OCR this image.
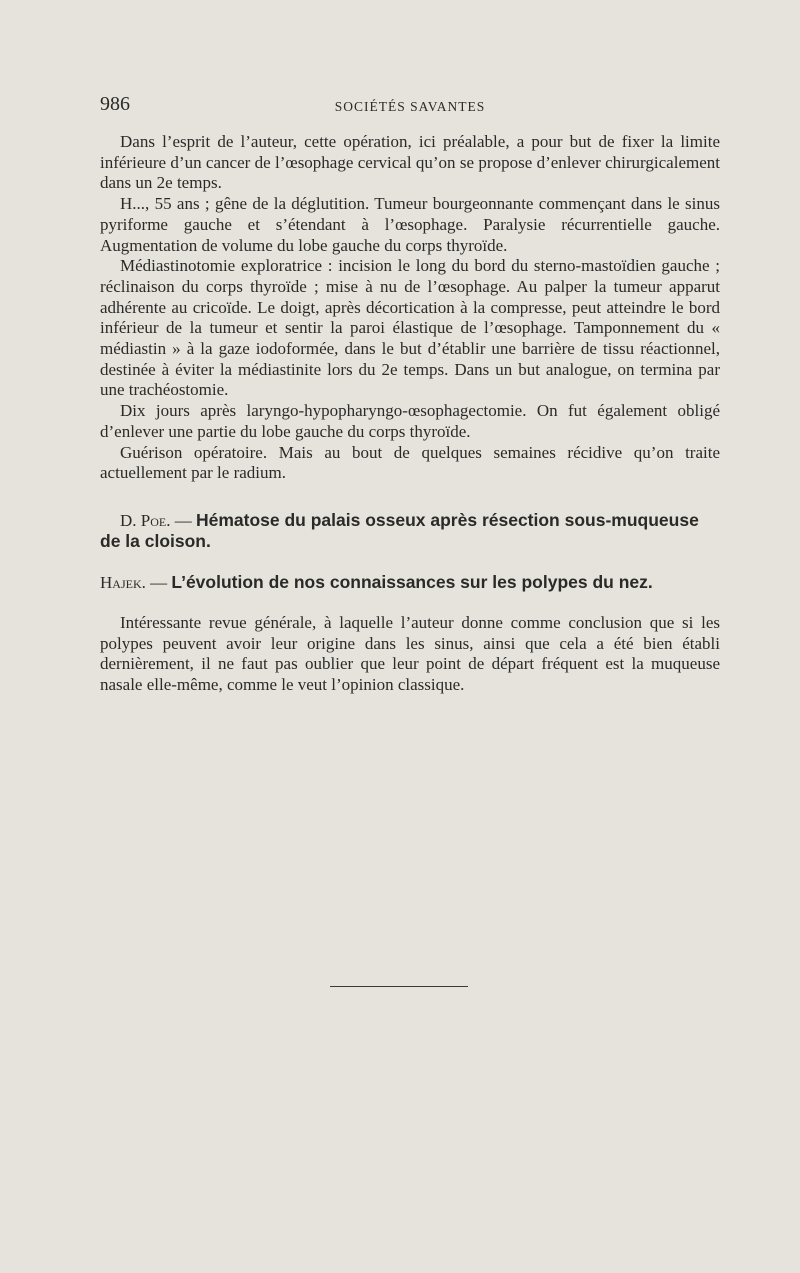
986	SOCIÉTÉS SAVANTES

Dans l’esprit de l’auteur, cette opération, ici préalable, a pour but de fixer la limite inférieure d’un cancer de l’œsophage cervical qu’on se propose d’enlever chirurgicalement dans un 2e temps.

H..., 55 ans ; gêne de la déglutition. Tumeur bourgeonnante commençant dans le sinus pyriforme gauche et s’étendant à l’œsophage. Paralysie récurrentielle gauche. Augmentation de volume du lobe gauche du corps thyroïde.

Médiastinotomie exploratrice : incision le long du bord du sterno-mastoïdien gauche ; réclinaison du corps thyroïde ; mise à nu de l’œsophage. Au palper la tumeur apparut adhérente au cricoïde. Le doigt, après décortication à la compresse, peut atteindre le bord inférieur de la tumeur et sentir la paroi élastique de l’œsophage. Tamponnement du « médiastin » à la gaze iodoformée, dans le but d’établir une barrière de tissu réactionnel, destinée à éviter la médiastinite lors du 2e temps. Dans un but analogue, on termina par une trachéostomie.

Dix jours après laryngo-hypopharyngo-œsophagectomie. On fut également obligé d’enlever une partie du lobe gauche du corps thyroïde.

Guérison opératoire. Mais au bout de quelques semaines récidive qu’on traite actuellement par le radium.

D. Poe. — Hématose du palais osseux après résection sous-muqueuse de la cloison.
Hajek. — L’évolution de nos connaissances sur les polypes du nez.

Intéressante revue générale, à laquelle l’auteur donne comme conclusion que si les polypes peuvent avoir leur origine dans les sinus, ainsi que cela a été bien établi dernièrement, il ne faut pas oublier que leur point de départ fréquent est la muqueuse nasale elle-même, comme le veut l’opinion classique.
